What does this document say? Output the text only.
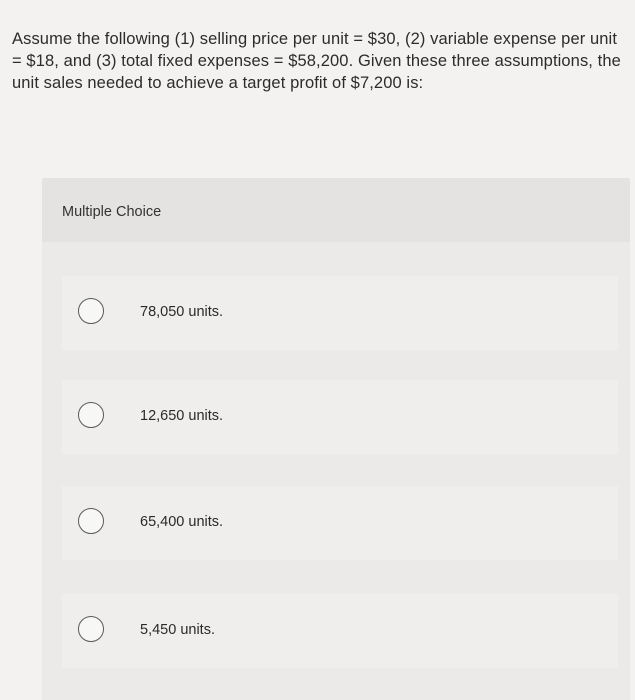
Assume the following (1) selling price per unit = $30, (2) variable expense per unit = $18, and (3) total fixed expenses = $58,200. Given these three assumptions, the unit sales needed to achieve a target profit of $7,200 is:
Multiple Choice
78,050 units.
12,650 units.
65,400 units.
5,450 units.
